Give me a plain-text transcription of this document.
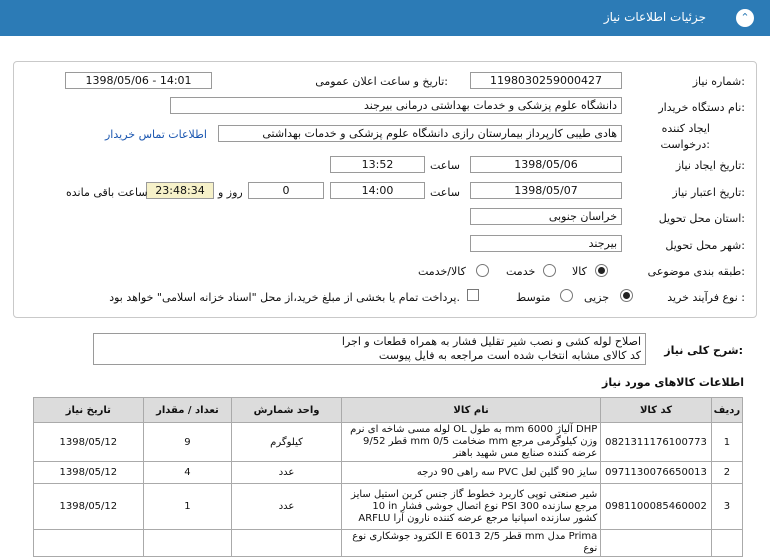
جزئیات اطلاعات نیاز	⌃
شماره نیاز:
1198030259000427
تاریخ و ساعت اعلان عمومی:
1398/05/06 - 14:01
نام دستگاه خریدار:
دانشگاه علوم پزشکی و خدمات بهداشتی درمانی بیرجند
ایجاد کننده
درخواست:
هادی طیبی کارپرداز بیمارستان رازی دانشگاه علوم پزشکی و خدمات بهداشتی
اطلاعات تماس خریدار
تاریخ ایجاد نیاز:
1398/05/06
ساعت
13:52
تاریخ اعتبار نیاز:
1398/05/07
ساعت
14:00
0
روز و
23:48:34
ساعت باقی مانده
استان محل تحویل:
خراسان جنوبی
شهر محل تحویل:
بیرجند
طبقه بندی موضوعی:
کالا
خدمت
کالا/خدمت
نوع فرآیند خرید :
جزیی
متوسط
پرداخت تمام یا بخشی از مبلغ خرید،از محل "اسناد خزانه اسلامی" خواهد بود.
شرح کلی نیاز:
اصلاح لوله کشی و نصب شیر تقلیل فشار به همراه قطعات و اجرا
کد کالای مشابه انتخاب شده است مراجعه به فایل پیوست
اطلاعات کالاهای مورد نیاز
تاریخ نیاز	تعداد / مقدار	واحد شمارش	نام کالا	کد کالا	ردیف
1398/05/12	9	کیلوگرم	لوله مسی شاخه ای نرم OL به طول mm 6000 آلیاژ DHP قطر 9/52 mm ضخامت 0/5 mm وزن کیلوگرمی مرجع عرضه کننده صنایع مس شهید باهنر	0821311176100773	1
1398/05/12	4	عدد	سه راهی 90 درجه PVC سایز 90 گلین لعل	0971130076650013	2
1398/05/12	1	عدد	شیر صنعتی توپی کاربرد خطوط گاز جنس کربن استیل سایز 10 in نوع اتصال جوشی فشار PSI 300 مرجع سازنده ARFLU کشور سازنده اسپانیا مرجع عرضه کننده نارون آرا	0981100085460002	3
			الکترود جوشکاری نوع E 6013 قطر 2/5 mm مدل Prima نوع		
